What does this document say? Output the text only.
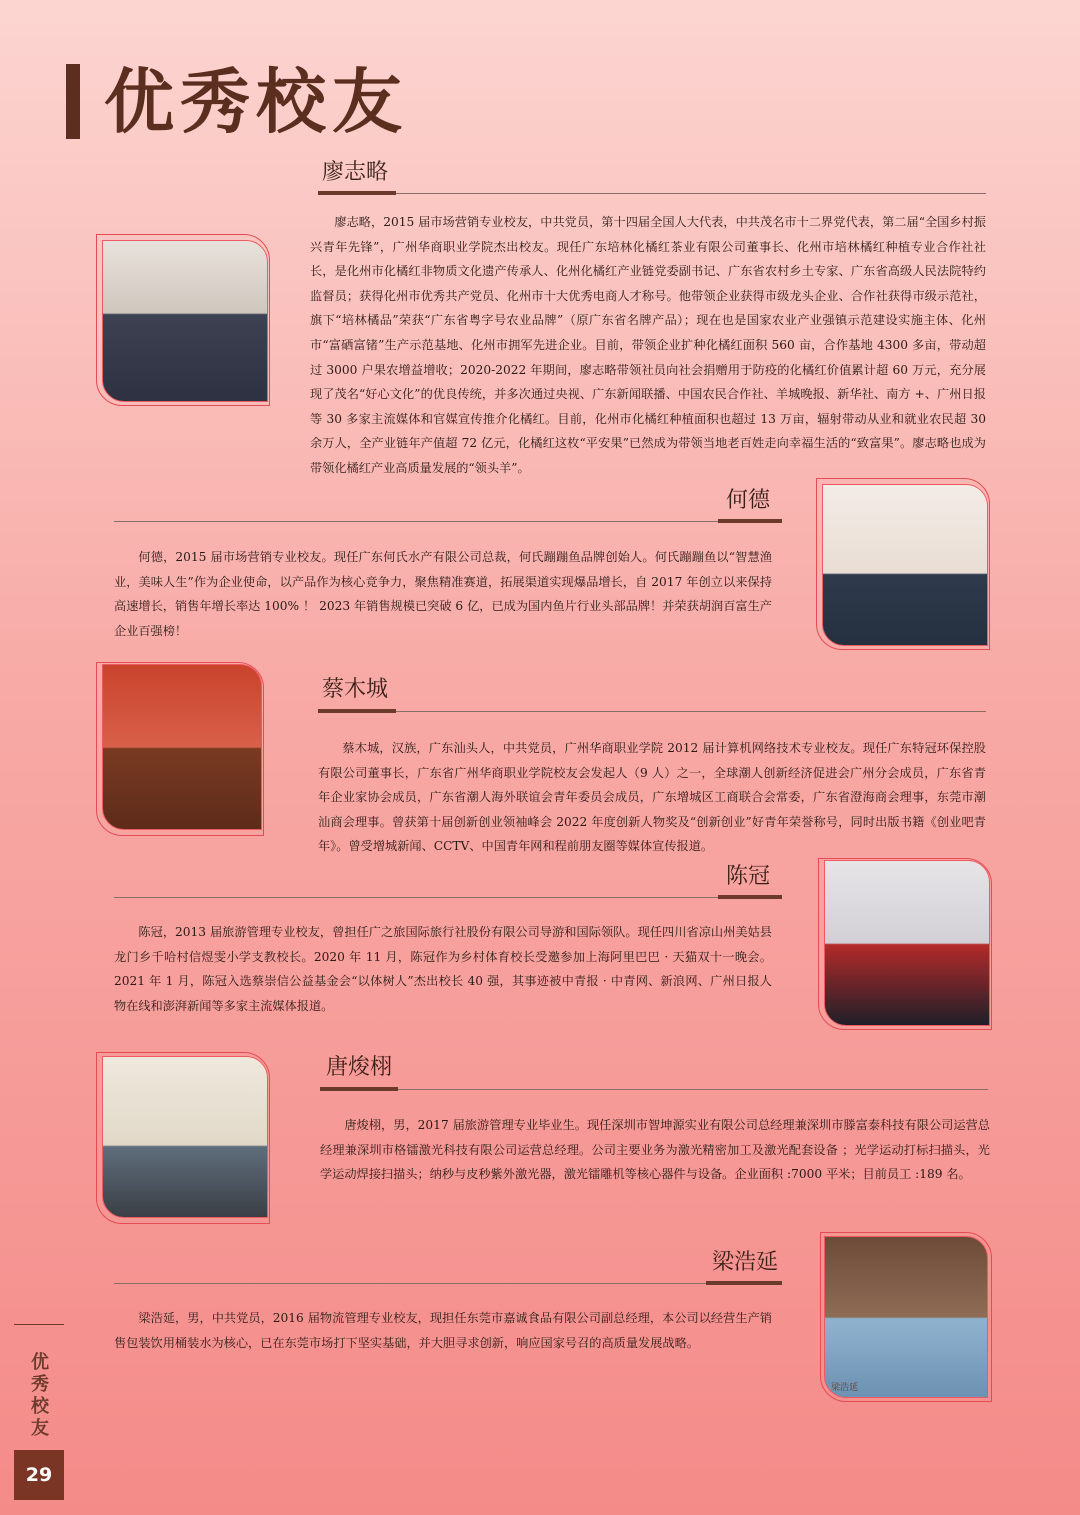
优秀校友
廖志略

廖志略，2015 届市场营销专业校友，中共党员，第十四届全国人大代表，中共茂名市十二界党代表，第二届“全国乡村振兴青年先锋”，广州华商职业学院杰出校友。现任广东培林化橘红茶业有限公司董事长、化州市培林橘红种植专业合作社社长，是化州市化橘红非物质文化遗产传承人、化州化橘红产业链党委副书记、广东省农村乡土专家、广东省高级人民法院特约监督员；获得化州市优秀共产党员、化州市十大优秀电商人才称号。他带领企业获得市级龙头企业、合作社获得市级示范社，旗下“培林橘品”荣获“广东省粤字号农业品牌”（原广东省名牌产品）；现在也是国家农业产业强镇示范建设实施主体、化州市“富硒富锗”生产示范基地、化州市拥军先进企业。目前，带领企业扩种化橘红面积 560 亩，合作基地 4300 多亩，带动超过 3000 户果农增益增收；2020-2022 年期间，廖志略带领社员向社会捐赠用于防疫的化橘红价值累计超 60 万元，充分展现了茂名“好心文化”的优良传统，并多次通过央视、广东新闻联播、中国农民合作社、羊城晚报、新华社、南方 +、广州日报等 30 多家主流媒体和官媒宣传推介化橘红。目前，化州市化橘红种植面积也超过 13 万亩，辐射带动从业和就业农民超 30 余万人，全产业链年产值超 72 亿元，化橘红这枚“平安果”已然成为带领当地老百姓走向幸福生活的“致富果”。廖志略也成为带领化橘红产业高质量发展的“领头羊”。

何德

何德，2015 届市场营销专业校友。现任广东何氏水产有限公司总裁，何氏蹦蹦鱼品牌创始人。何氏蹦蹦鱼以“智慧渔业，美味人生”作为企业使命，以产品作为核心竞争力，聚焦精准赛道，拓展渠道实现爆品增长，自 2017 年创立以来保持高速增长，销售年增长率达 100% ！ 2023 年销售规模已突破 6 亿，已成为国内鱼片行业头部品牌！并荣获胡润百富生产企业百强榜！

蔡木城

蔡木城，汉族，广东汕头人，中共党员，广州华商职业学院 2012 届计算机网络技术专业校友。现任广东特冠环保控股有限公司董事长，广东省广州华商职业学院校友会发起人（9 人）之一，全球潮人创新经济促进会广州分会成员，广东省青年企业家协会成员，广东省潮人海外联谊会青年委员会成员，广东增城区工商联合会常委，广东省澄海商会理事，东莞市潮汕商会理事。曾获第十届创新创业领袖峰会 2022 年度创新人物奖及“创新创业”好青年荣誉称号，同时出版书籍《创业吧青年》。曾受增城新闻、CCTV、中国青年网和程前朋友圈等媒体宣传报道。

陈冠

陈冠，2013 届旅游管理专业校友，曾担任广之旅国际旅行社股份有限公司导游和国际领队。现任四川省凉山州美姑县龙门乡千哈村信煜雯小学支教校长。2020 年 11 月，陈冠作为乡村体育校长受邀参加上海阿里巴巴 · 天猫双十一晚会。2021 年 1 月，陈冠入选蔡崇信公益基金会“以体树人”杰出校长 40 强，其事迹被中青报 · 中青网、新浪网、广州日报人物在线和澎湃新闻等多家主流媒体报道。

唐焌栩

唐焌栩，男，2017 届旅游管理专业毕业生。现任深圳市智坤源实业有限公司总经理兼深圳市滕富泰科技有限公司运营总经理兼深圳市格镭激光科技有限公司运营总经理。公司主要业务为激光精密加工及激光配套设备 ；光学运动打标扫描头，光学运动焊接扫描头；纳秒与皮秒紫外激光器，激光镭雕机等核心器件与设备。企业面积 :7000 平米；目前员工 :189 名。

梁浩延
梁浩延

梁浩延，男，中共党员，2016 届物流管理专业校友，现担任东莞市嘉诚食品有限公司副总经理，本公司以经营生产销售包装饮用桶装水为核心，已在东莞市场打下坚实基础，并大胆寻求创新，响应国家号召的高质量发展战略。

优秀校友
29
